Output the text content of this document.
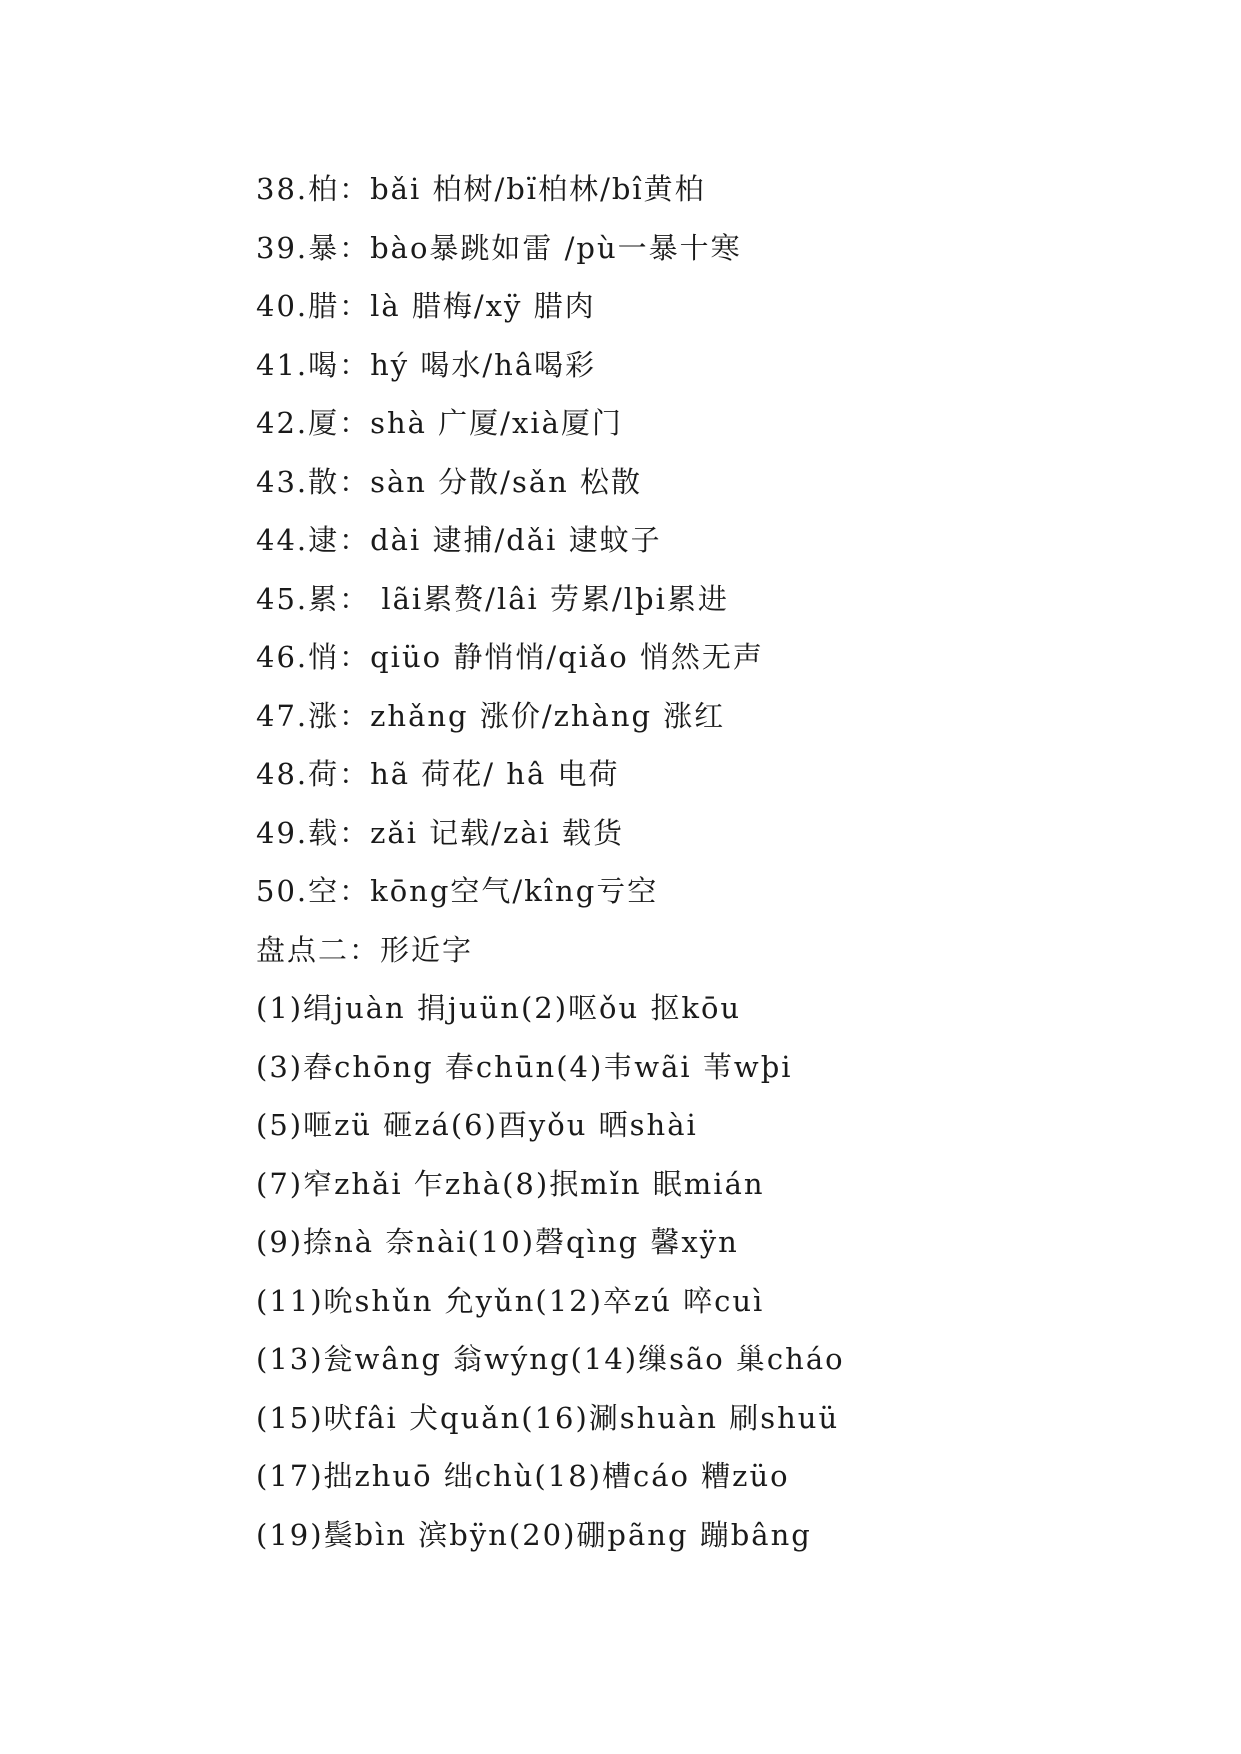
38.柏：bǎi 柏树/bï柏林/bî黄柏
39.暴：bào暴跳如雷 /pù一暴十寒
40.腊：là 腊梅/xÿ 腊肉
41.喝：hý 喝水/hâ喝彩
42.厦：shà 广厦/xià厦门
43.散：sàn 分散/sǎn 松散
44.逮：dài 逮捕/dǎi 逮蚊子
45.累： lãi累赘/lâi 劳累/lþi累进
46.悄：qiüo 静悄悄/qiǎo 悄然无声
47.涨：zhǎng 涨价/zhàng 涨红
48.荷：hã 荷花/ hâ 电荷
49.载：zǎi 记载/zài 载货
50.空：kōng空气/kîng亏空
盘点二：形近字
(1)绢juàn 捐juün(2)呕ǒu 抠kōu
(3)舂chōng 春chūn(4)韦wãi 苇wþi
(5)咂zü 砸zá(6)酉yǒu 晒shài
(7)窄zhǎi 乍zhà(8)抿mǐn 眠mián
(9)捺nà 奈nài(10)磬qìng 馨xÿn
(11)吮shǔn 允yǔn(12)卒zú 啐cuì
(13)瓮wâng 翁wýng(14)缫são 巢cháo
(15)吠fâi 犬quǎn(16)涮shuàn 刷shuü
(17)拙zhuō 绌chù(18)槽cáo 糟züo
(19)鬓bìn 滨bÿn(20)硼pãng 蹦bâng
